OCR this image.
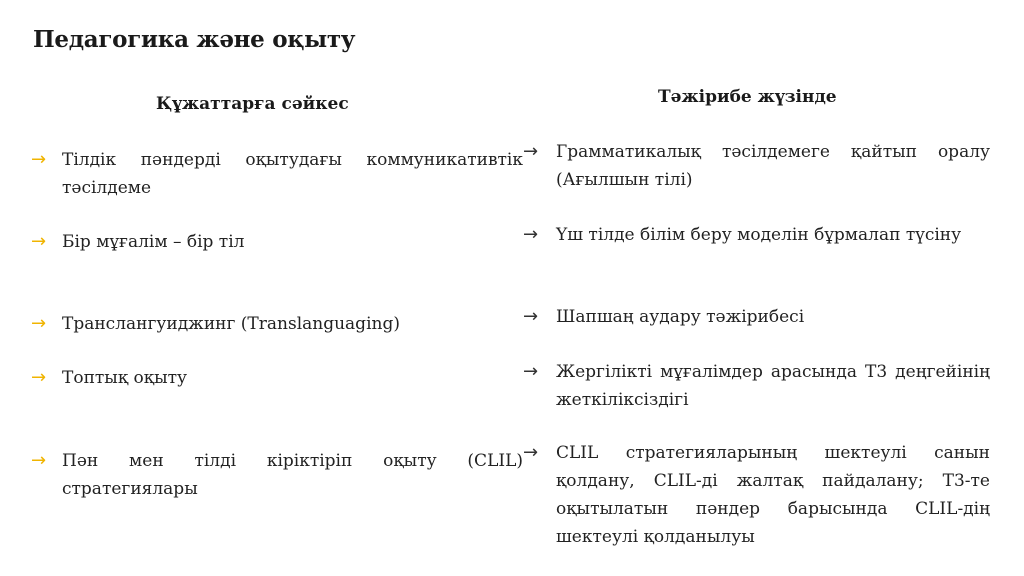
Педагогика және оқыту
Құжаттарға сәйкес	Тәжірибе жүзінде
→ Тілдік пәндерді оқытудағы коммуникативтік тәсілдеме
→ Бір мұғалім – бір тіл
→ Транслангуиджинг (Translanguaging)
→ Топтық оқыту
→ Пән мен тілді кіріктіріп оқыту (CLIL) стратегиялары
→ Грамматикалық тәсілдемеге қайтып оралу (Ағылшын тілі)
→ Үш тілде білім беру моделін бұрмалап түсіну
→ Шапшаң аудару тәжірибесі
→ Жергілікті мұғалімдер арасында Т3 деңгейінің жеткіліксіздігі
→ CLIL стратегияларының шектеулі санын қолдану, CLIL-ді жалтақ пайдалану; Т3-те оқытылатын пәндер барысында CLIL-дің шектеулі қолданылуы
